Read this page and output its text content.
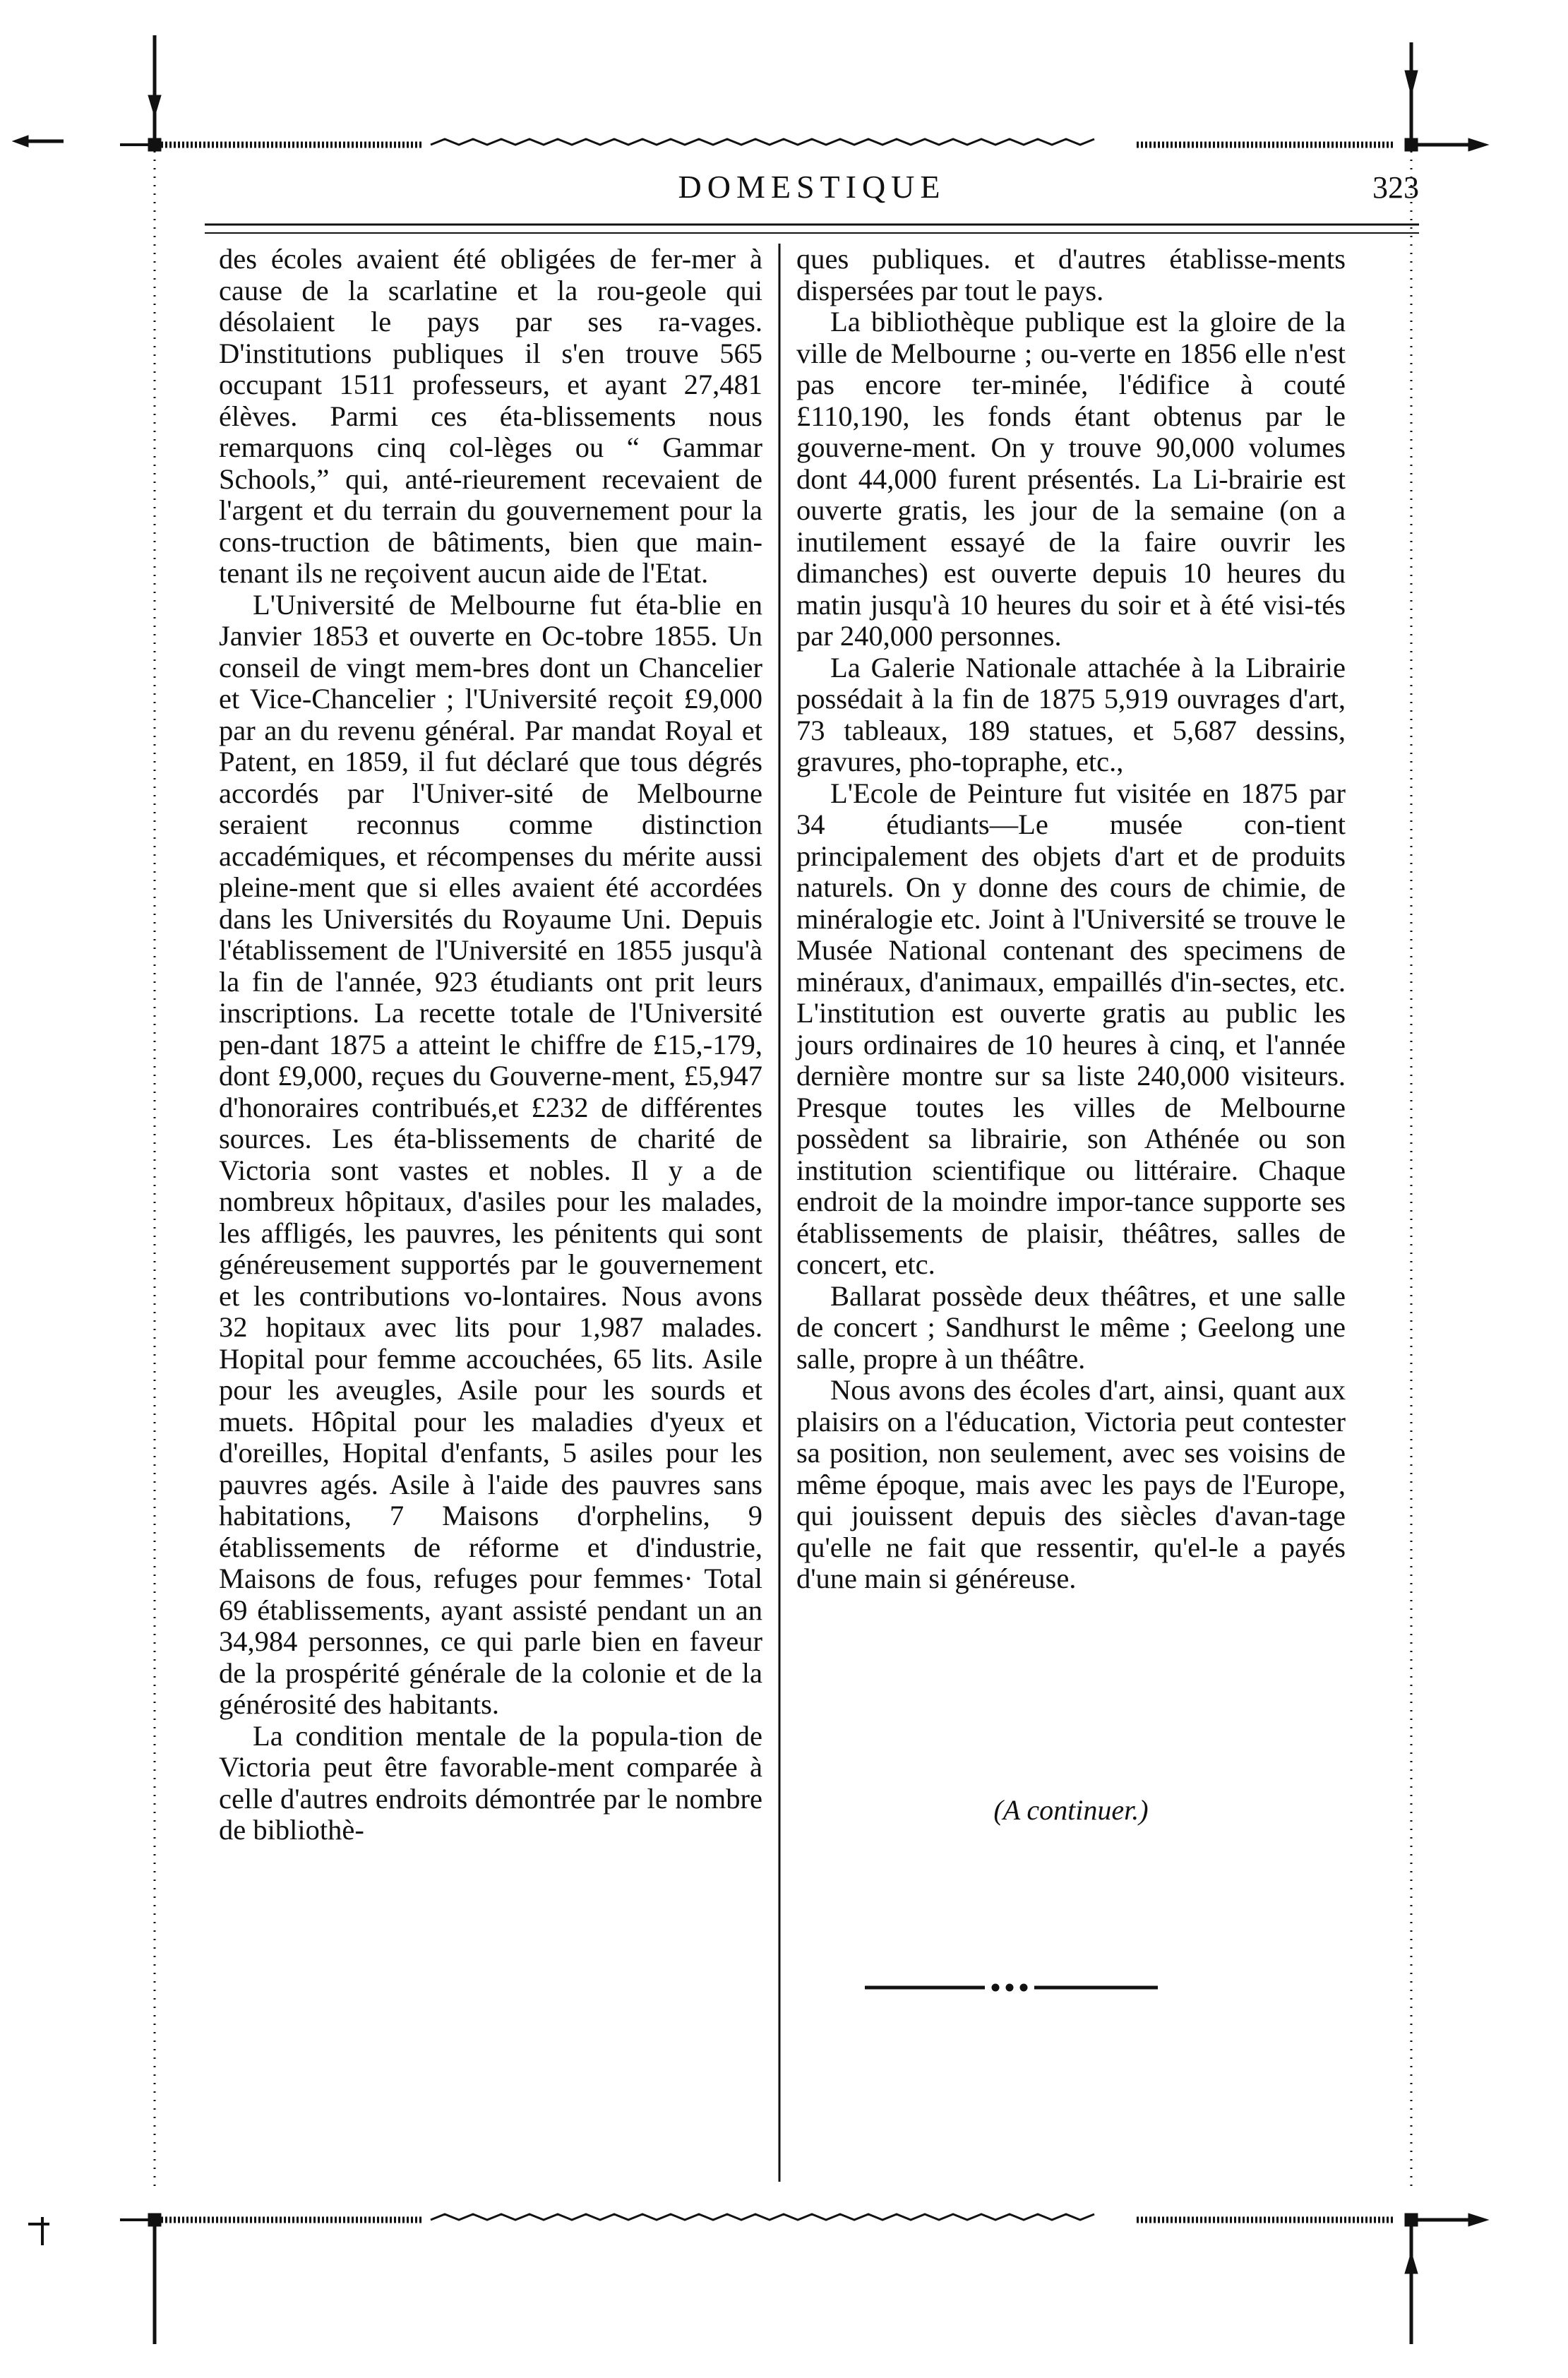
DOMESTIQUE	323

des écoles avaient été obligées de fer-mer à cause de la scarlatine et la rou-geole qui désolaient le pays par ses ra-vages. D'institutions publiques il s'en trouve 565 occupant 1511 professeurs, et ayant 27,481 élèves. Parmi ces éta-blissements nous remarquons cinq col-lèges ou “ Gammar Schools,” qui, anté-rieurement recevaient de l'argent et du terrain du gouvernement pour la cons-truction de bâtiments, bien que main-tenant ils ne reçoivent aucun aide de l'Etat.

L'Université de Melbourne fut éta-blie en Janvier 1853 et ouverte en Oc-tobre 1855. Un conseil de vingt mem-bres dont un Chancelier et Vice-Chancelier ; l'Université reçoit £9,000 par an du revenu général. Par mandat Royal et Patent, en 1859, il fut déclaré que tous dégrés accordés par l'Univer-sité de Melbourne seraient reconnus comme distinction accadémiques, et récompenses du mérite aussi pleine-ment que si elles avaient été accordées dans les Universités du Royaume Uni. Depuis l'établissement de l'Université en 1855 jusqu'à la fin de l'année, 923 étudiants ont prit leurs inscriptions. La recette totale de l'Université pen-dant 1875 a atteint le chiffre de £15,-179, dont £9,000, reçues du Gouverne-ment, £5,947 d'honoraires contribués,et £232 de différentes sources. Les éta-blissements de charité de Victoria sont vastes et nobles. Il y a de nombreux hôpitaux, d'asiles pour les malades, les affligés, les pauvres, les pénitents qui sont généreusement supportés par le gouvernement et les contributions vo-lontaires. Nous avons 32 hopitaux avec lits pour 1,987 malades. Hopital pour femme accouchées, 65 lits. Asile pour les aveugles, Asile pour les sourds et muets. Hôpital pour les maladies d'yeux et d'oreilles, Hopital d'enfants, 5 asiles pour les pauvres agés. Asile à l'aide des pauvres sans habitations, 7 Maisons d'orphelins, 9 établissements de réforme et d'industrie, Maisons de fous, refuges pour femmes· Total 69 établissements, ayant assisté pendant un an 34,984 personnes, ce qui parle bien en faveur de la prospérité générale de la colonie et de la générosité des habitants.

La condition mentale de la popula-tion de Victoria peut être favorable-ment comparée à celle d'autres endroits démontrée par le nombre de bibliothè-

ques publiques. et d'autres établisse-ments dispersées par tout le pays.

La bibliothèque publique est la gloire de la ville de Melbourne ; ou-verte en 1856 elle n'est pas encore ter-minée, l'édifice à couté £110,190, les fonds étant obtenus par le gouverne-ment. On y trouve 90,000 volumes dont 44,000 furent présentés. La Li-brairie est ouverte gratis, les jour de la semaine (on a inutilement essayé de la faire ouvrir les dimanches) est ouverte depuis 10 heures du matin jusqu'à 10 heures du soir et à été visi-tés par 240,000 personnes.

La Galerie Nationale attachée à la Librairie possédait à la fin de 1875 5,919 ouvrages d'art, 73 tableaux, 189 statues, et 5,687 dessins, gravures, pho-topraphe, etc.,

L'Ecole de Peinture fut visitée en 1875 par 34 étudiants—Le musée con-tient principalement des objets d'art et de produits naturels. On y donne des cours de chimie, de minéralogie etc. Joint à l'Université se trouve le Musée National contenant des specimens de minéraux, d'animaux, empaillés d'in-sectes, etc. L'institution est ouverte gratis au public les jours ordinaires de 10 heures à cinq, et l'année dernière montre sur sa liste 240,000 visiteurs. Presque toutes les villes de Melbourne possèdent sa librairie, son Athénée ou son institution scientifique ou littéraire. Chaque endroit de la moindre impor-tance supporte ses établissements de plaisir, théâtres, salles de concert, etc.

Ballarat possède deux théâtres, et une salle de concert ; Sandhurst le même ; Geelong une salle, propre à un théâtre.

Nous avons des écoles d'art, ainsi, quant aux plaisirs on a l'éducation, Victoria peut contester sa position, non seulement, avec ses voisins de même époque, mais avec les pays de l'Europe, qui jouissent depuis des siècles d'avan-tage qu'elle ne fait que ressentir, qu'el-le a payés d'une main si généreuse.

(A continuer.)
